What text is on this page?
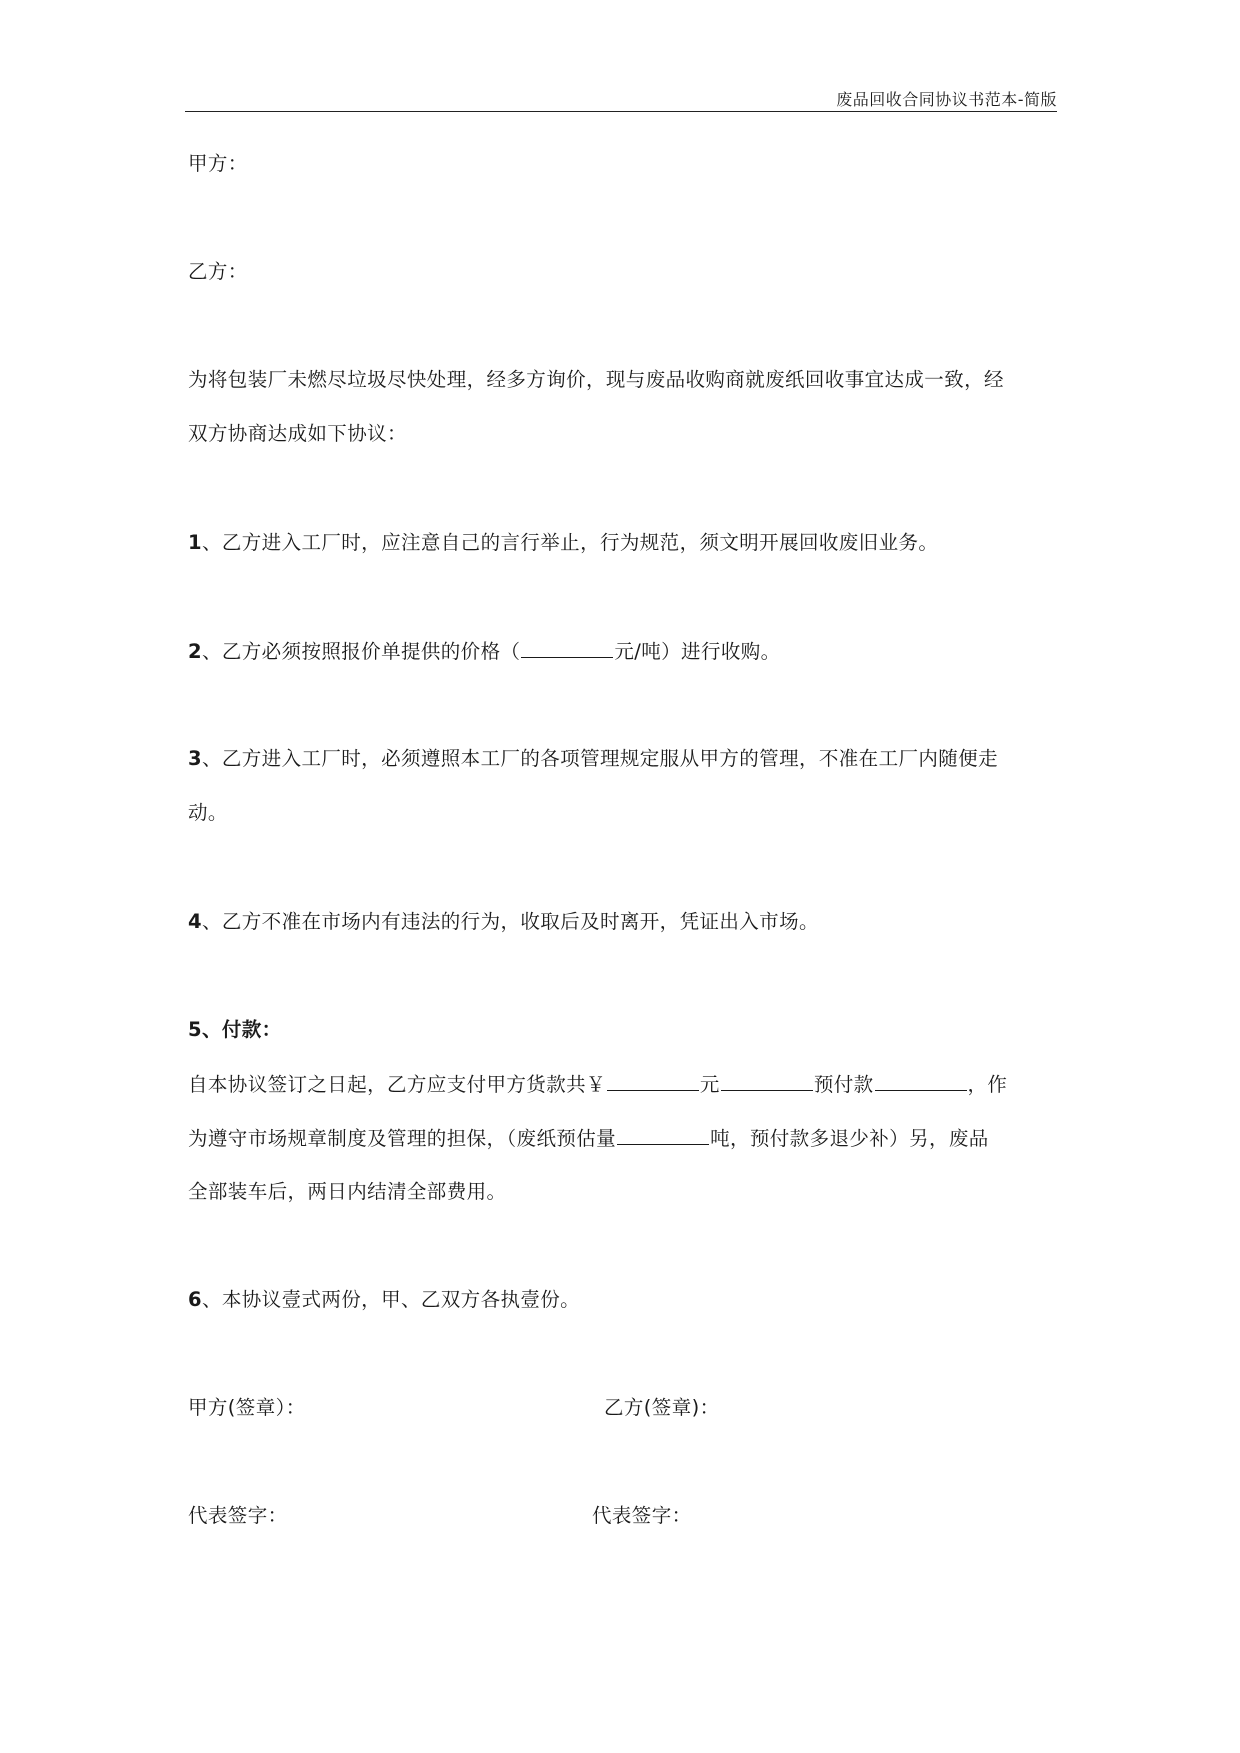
废品回收合同协议书范本-简版
甲方：
乙方：
为将包装厂未燃尽垃圾尽快处理，经多方询价，现与废品收购商就废纸回收事宜达成一致，经
双方协商达成如下协议：
1、乙方进入工厂时，应注意自己的言行举止，行为规范，须文明开展回收废旧业务。
2、乙方必须按照报价单提供的价格（	元/吨）进行收购。
3、乙方进入工厂时，必须遵照本工厂的各项管理规定服从甲方的管理，不准在工厂内随便走
动。
4、乙方不准在市场内有违法的行为，收取后及时离开，凭证出入市场。
5、付款：
自本协议签订之日起，乙方应支付甲方货款共￥	元	预付款	，作
为遵守市场规章制度及管理的担保，（废纸预估量	吨，预付款多退少补）另，废品
全部装车后，两日内结清全部费用。
6、本协议壹式两份，甲、乙双方各执壹份。
甲方(签章）：	乙方(签章)：
代表签字：	代表签字：
